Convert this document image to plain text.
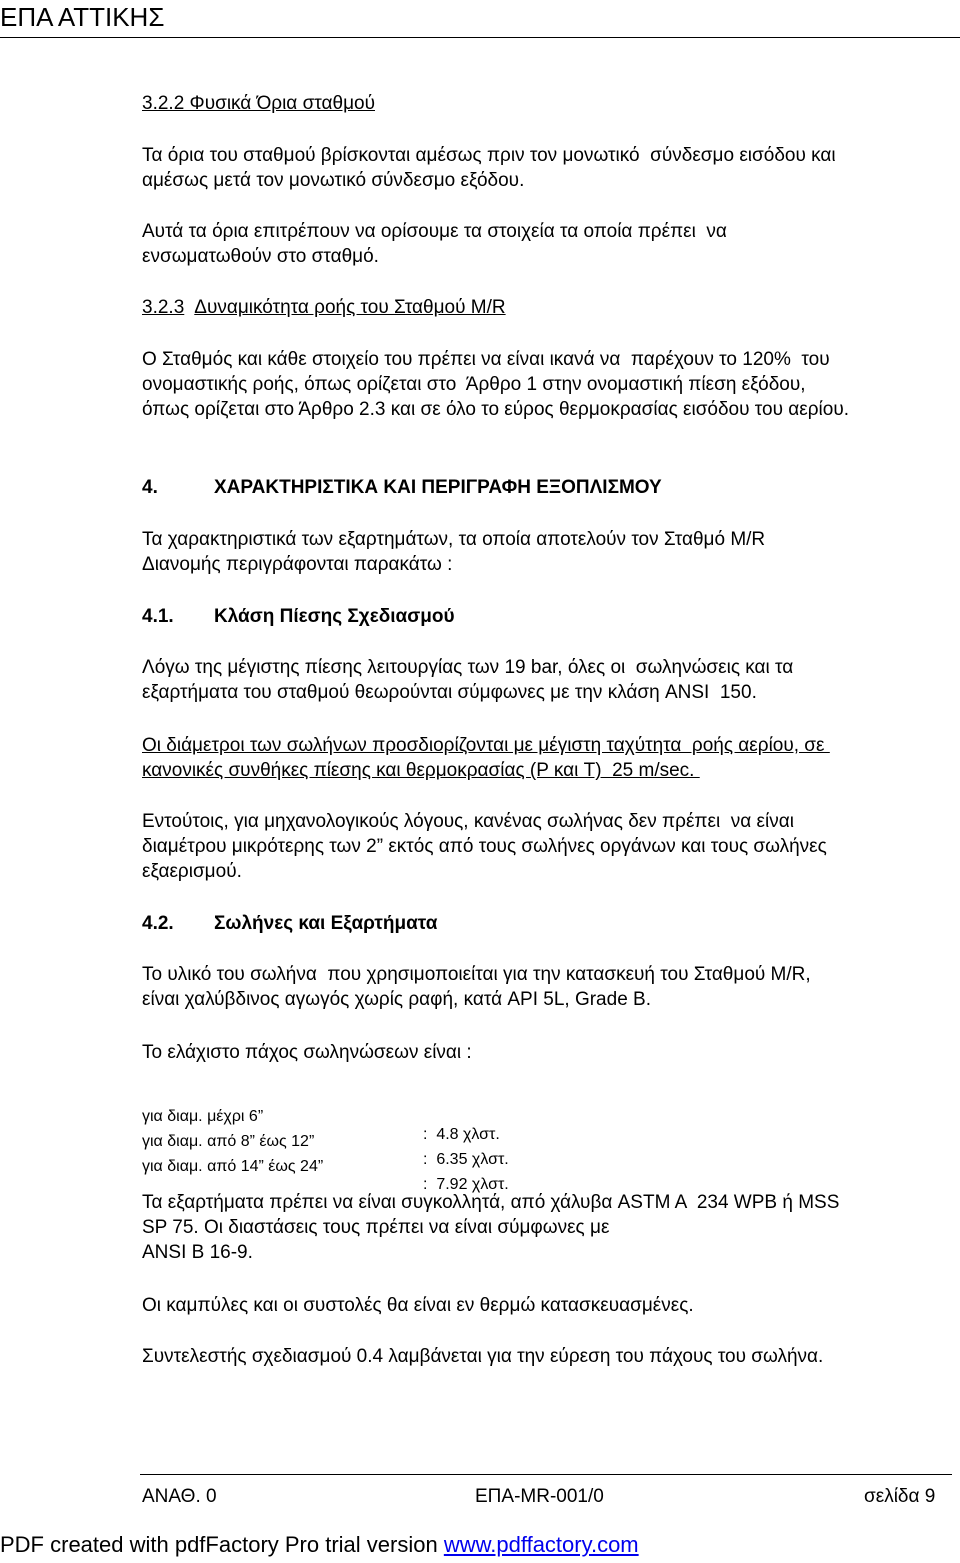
ΕΠΑ ΑΤΤΙΚΗΣ
3.2.2 Φυσικά Όρια σταθμού
Τα όρια του σταθμού βρίσκονται αμέσως πριν τον μονωτικό  σύνδεσμο εισόδου και
αμέσως μετά τον μονωτικό σύνδεσμο εξόδου.
Αυτά τα όρια επιτρέπουν να ορίσουμε τα στοιχεία τα οποία πρέπει  να
ενσωματωθούν στο σταθμό.
3.2.3 Δυναμικότητα ροής του Σταθμού M/R
Ο Σταθμός και κάθε στοιχείο του πρέπει να είναι ικανά να  παρέχουν το 120%  του
ονομαστικής ροής, όπως ορίζεται στο  Άρθρο 1 στην ονομαστική πίεση εξόδου,
όπως ορίζεται στο Άρθρο 2.3 και σε όλο το εύρος θερμοκρασίας εισόδου του αερίου.
4.	ΧΑΡΑΚΤΗΡΙΣΤΙΚΑ ΚΑΙ ΠΕΡΙΓΡΑΦΗ ΕΞΟΠΛΙΣΜΟΥ
Τα χαρακτηριστικά των εξαρτημάτων, τα οποία αποτελούν τον Σταθμό M/R
Διανομής περιγράφονται παρακάτω :
4.1. Κλάση Πίεσης Σχεδιασμού
Λόγω της μέγιστης πίεσης λειτουργίας των 19 bar, όλες οι  σωληνώσεις και τα
εξαρτήματα του σταθμού θεωρούνται σύμφωνες με την κλάση ANSI  150.
Οι διάμετροι των σωλήνων προσδιορίζονται με μέγιστη ταχύτητα  ροής αερίου, σε
κανονικές συνθήκες πίεσης και θερμοκρασίας (P και T)  25 m/sec.
Εντούτοις, για μηχανολογικούς λόγους, κανένας σωλήνας δεν πρέπει  να είναι
διαμέτρου μικρότερης των 2” εκτός από τους σωλήνες οργάνων και τους σωλήνες
εξαερισμού.
4.2. Σωλήνες και Εξαρτήματα
Το υλικό του σωλήνα  που χρησιμοποιείται για την κατασκευή του Σταθμού M/R,
είναι χαλύβδινος αγωγός χωρίς ραφή, κατά API 5L, Grade B.
Το ελάχιστο πάχος σωληνώσεων είναι :

για διαμ. μέχρι 6”

:  4.8 χλστ.

για διαμ. από 8” έως 12”

:  6.35 χλστ.

για διαμ. από 14” έως 24”

:  7.92 χλστ.

Τα εξαρτήματα πρέπει να είναι συγκολλητά, από χάλυβα ASTM A  234 WPB ή MSS
SP 75. Οι διαστάσεις τους πρέπει να είναι σύμφωνες με
ANSI B 16-9.
Οι καμπύλες και οι συστολές θα είναι εν θερμώ κατασκευασμένες.
Συντελεστής σχεδιασμού 0.4 λαμβάνεται για την εύρεση του πάχους του σωλήνα.
ΑΝΑΘ. 0	ΕΠΑ-MR-001/0	σελίδα 9
PDF created with pdfFactory Pro trial version www.pdffactory.com
